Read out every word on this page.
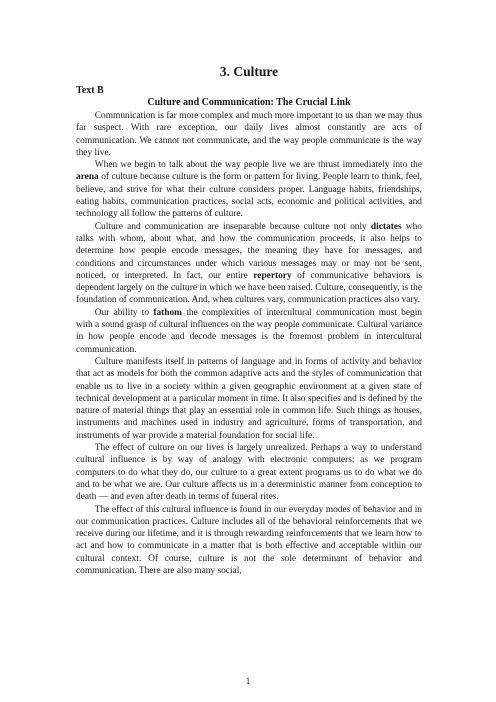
3. Culture
Text B
Culture and Communication: The Crucial Link

Communication is far more complex and much more important to us than we may thus far suspect. With rare exception, our daily lives almost constantly are acts of communication. We cannot not communicate, and the way people communicate is the way they live.

When we begin to talk about the way people live we are thrust immediately into the arena of culture because culture is the form or pattern for living. People learn to think, feel, believe, and strive for what their culture considers proper. Language habits, friendships, eating habits, communication practices, social acts, economic and political activities, and technology all follow the patterns of culture.

Culture and communication are inseparable because culture not only dictates who talks with whom, about what, and how the communication proceeds, it also helps to determine how people encode messages, the meaning they have for messages, and conditions and circumstances under which various messages may or may not be sent, noticed, or interpreted. In fact, our entire repertory of communicative behaviors is dependent largely on the culture in which we have been raised. Culture, consequently, is the foundation of communication. And, when cultures vary, communication practices also vary.

Our ability to fathom the complexities of intercultural communication must begin with a sound grasp of cultural influences on the way people communicate. Cultural variance in how people encode and decode messages is the foremost problem in intercultural communication.

Culture manifests itself in patterns of language and in forms of activity and behavior that act as models for both the common adaptive acts and the styles of communication that enable us to live in a society within a given geographic environment at a given state of technical development at a particular moment in time. It also specifies and is defined by the nature of material things that play an essential role in common life. Such things as houses, instruments and machines used in industry and agriculture, forms of transportation, and instruments of war provide a material foundation for social life.

The effect of culture on our lives is largely unrealized. Perhaps a way to understand cultural influence is by way of analogy with electronic computers: as we program computers to do what they do, our culture to a great extent programs us to do what we do and to be what we are. Our culture affects us in a deterministic manner from conception to death — and even after death in terms of funeral rites.

The effect of this cultural influence is found in our everyday modes of behavior and in our communication practices. Culture includes all of the behavioral reinforcements that we receive during our lifetime, and it is through rewarding reinforcements that we learn how to act and how to communicate in a matter that is both effective and acceptable within our cultural context. Of course, culture is not the sole determinant of behavior and communication. There are also many social,

1
